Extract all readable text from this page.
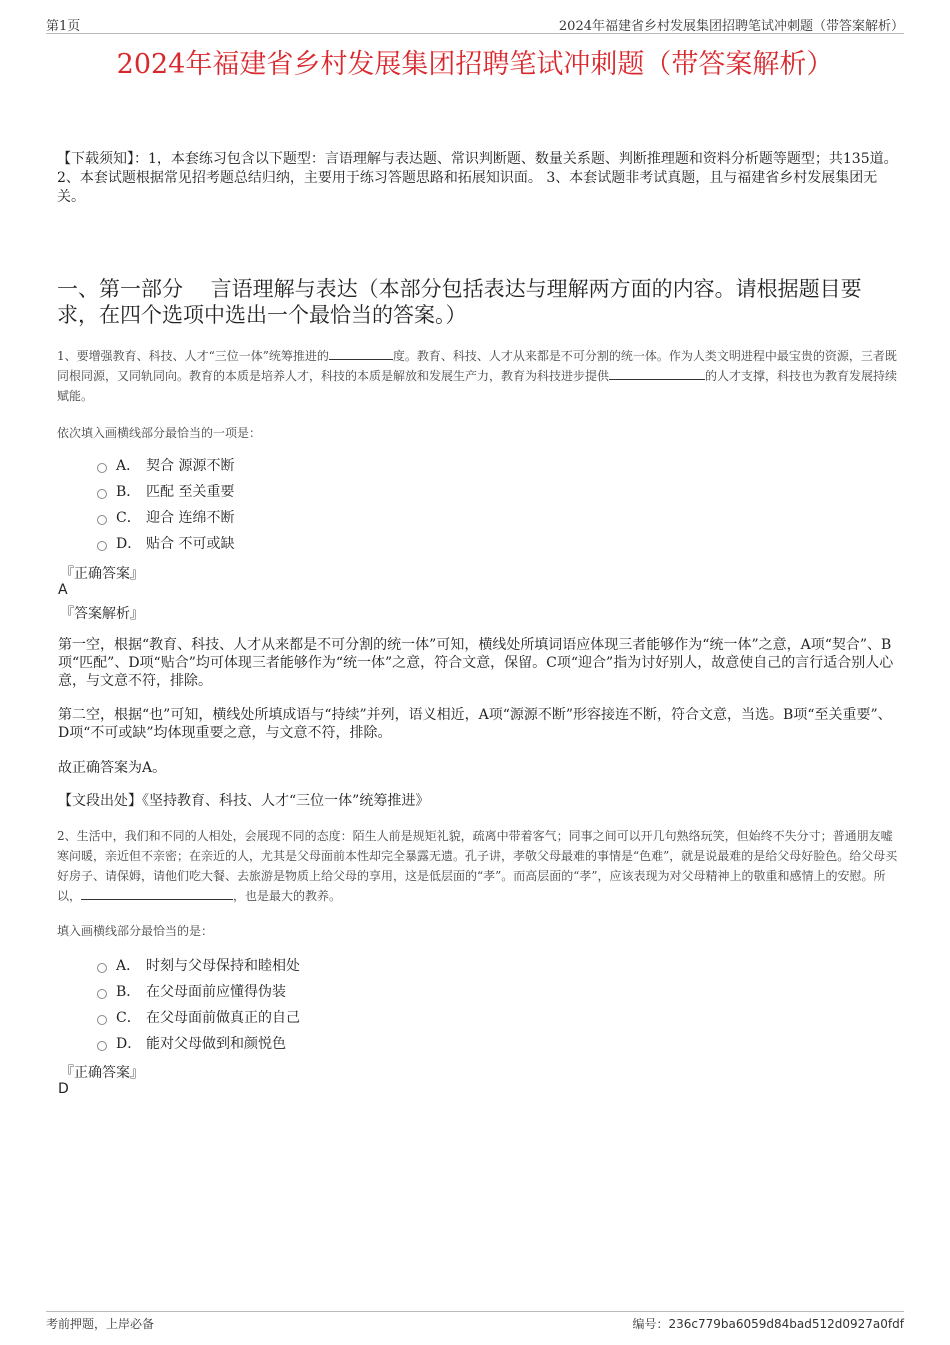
第1页	2024年福建省乡村发展集团招聘笔试冲刺题（带答案解析）
2024年福建省乡村发展集团招聘笔试冲刺题（带答案解析）
【下载须知】：1，本套练习包含以下题型：言语理解与表达题、常识判断题、数量关系题、判断推理题和资料分析题等题型；共135道。 2、本套试题根据常见招考题总结归纳，主要用于练习答题思路和拓展知识面。 3、本套试题非考试真题，且与福建省乡村发展集团无关。
一、第一部分　 言语理解与表达（本部分包括表达与理解两方面的内容。请根据题目要求，在四个选项中选出一个最恰当的答案。）
1、要增强教育、科技、人才“三位一体”统筹推进的	度。教育、科技、人才从来都是不可分割的统一体。作为人类文明进程中最宝贵的资源，三者既同根同源，又同轨同向。教育的本质是培养人才，科技的本质是解放和发展生产力，教育为科技进步提供	的人才支撑，科技也为教育发展持续赋能。
依次填入画横线部分最恰当的一项是：
A． 契合 源源不断
B． 匹配 至关重要
C． 迎合 连绵不断
D． 贴合 不可或缺
『正确答案』
A
『答案解析』
第一空，根据“教育、科技、人才从来都是不可分割的统一体”可知，横线处所填词语应体现三者能够作为“统一体”之意，A项“契合”、B项“匹配”、D项“贴合”均可体现三者能够作为“统一体”之意，符合文意，保留。C项“迎合”指为讨好别人，故意使自己的言行适合别人心意，与文意不符，排除。
第二空，根据“也”可知，横线处所填成语与“持续”并列，语义相近，A项“源源不断”形容接连不断，符合文意，当选。B项“至关重要”、D项“不可或缺”均体现重要之意，与文意不符，排除。
故正确答案为A。
【文段出处】《坚持教育、科技、人才“三位一体”统筹推进》
2、生活中，我们和不同的人相处，会展现不同的态度：陌生人前是规矩礼貌，疏离中带着客气；同事之间可以开几句熟络玩笑，但始终不失分寸；普通朋友嘘寒问暖，亲近但不亲密；在亲近的人，尤其是父母面前本性却完全暴露无遗。孔子讲，孝敬父母最难的事情是“色难”，就是说最难的是给父母好脸色。给父母买好房子、请保姆，请他们吃大餐、去旅游是物质上给父母的享用，这是低层面的“孝”。而高层面的“孝”，应该表现为对父母精神上的敬重和感情上的安慰。所以，	，也是最大的教养。
填入画横线部分最恰当的是：
A． 时刻与父母保持和睦相处
B． 在父母面前应懂得伪装
C． 在父母面前做真正的自己
D． 能对父母做到和颜悦色
『正确答案』
D
考前押题，上岸必备	编号：236c779ba6059d84bad512d0927a0fdf
